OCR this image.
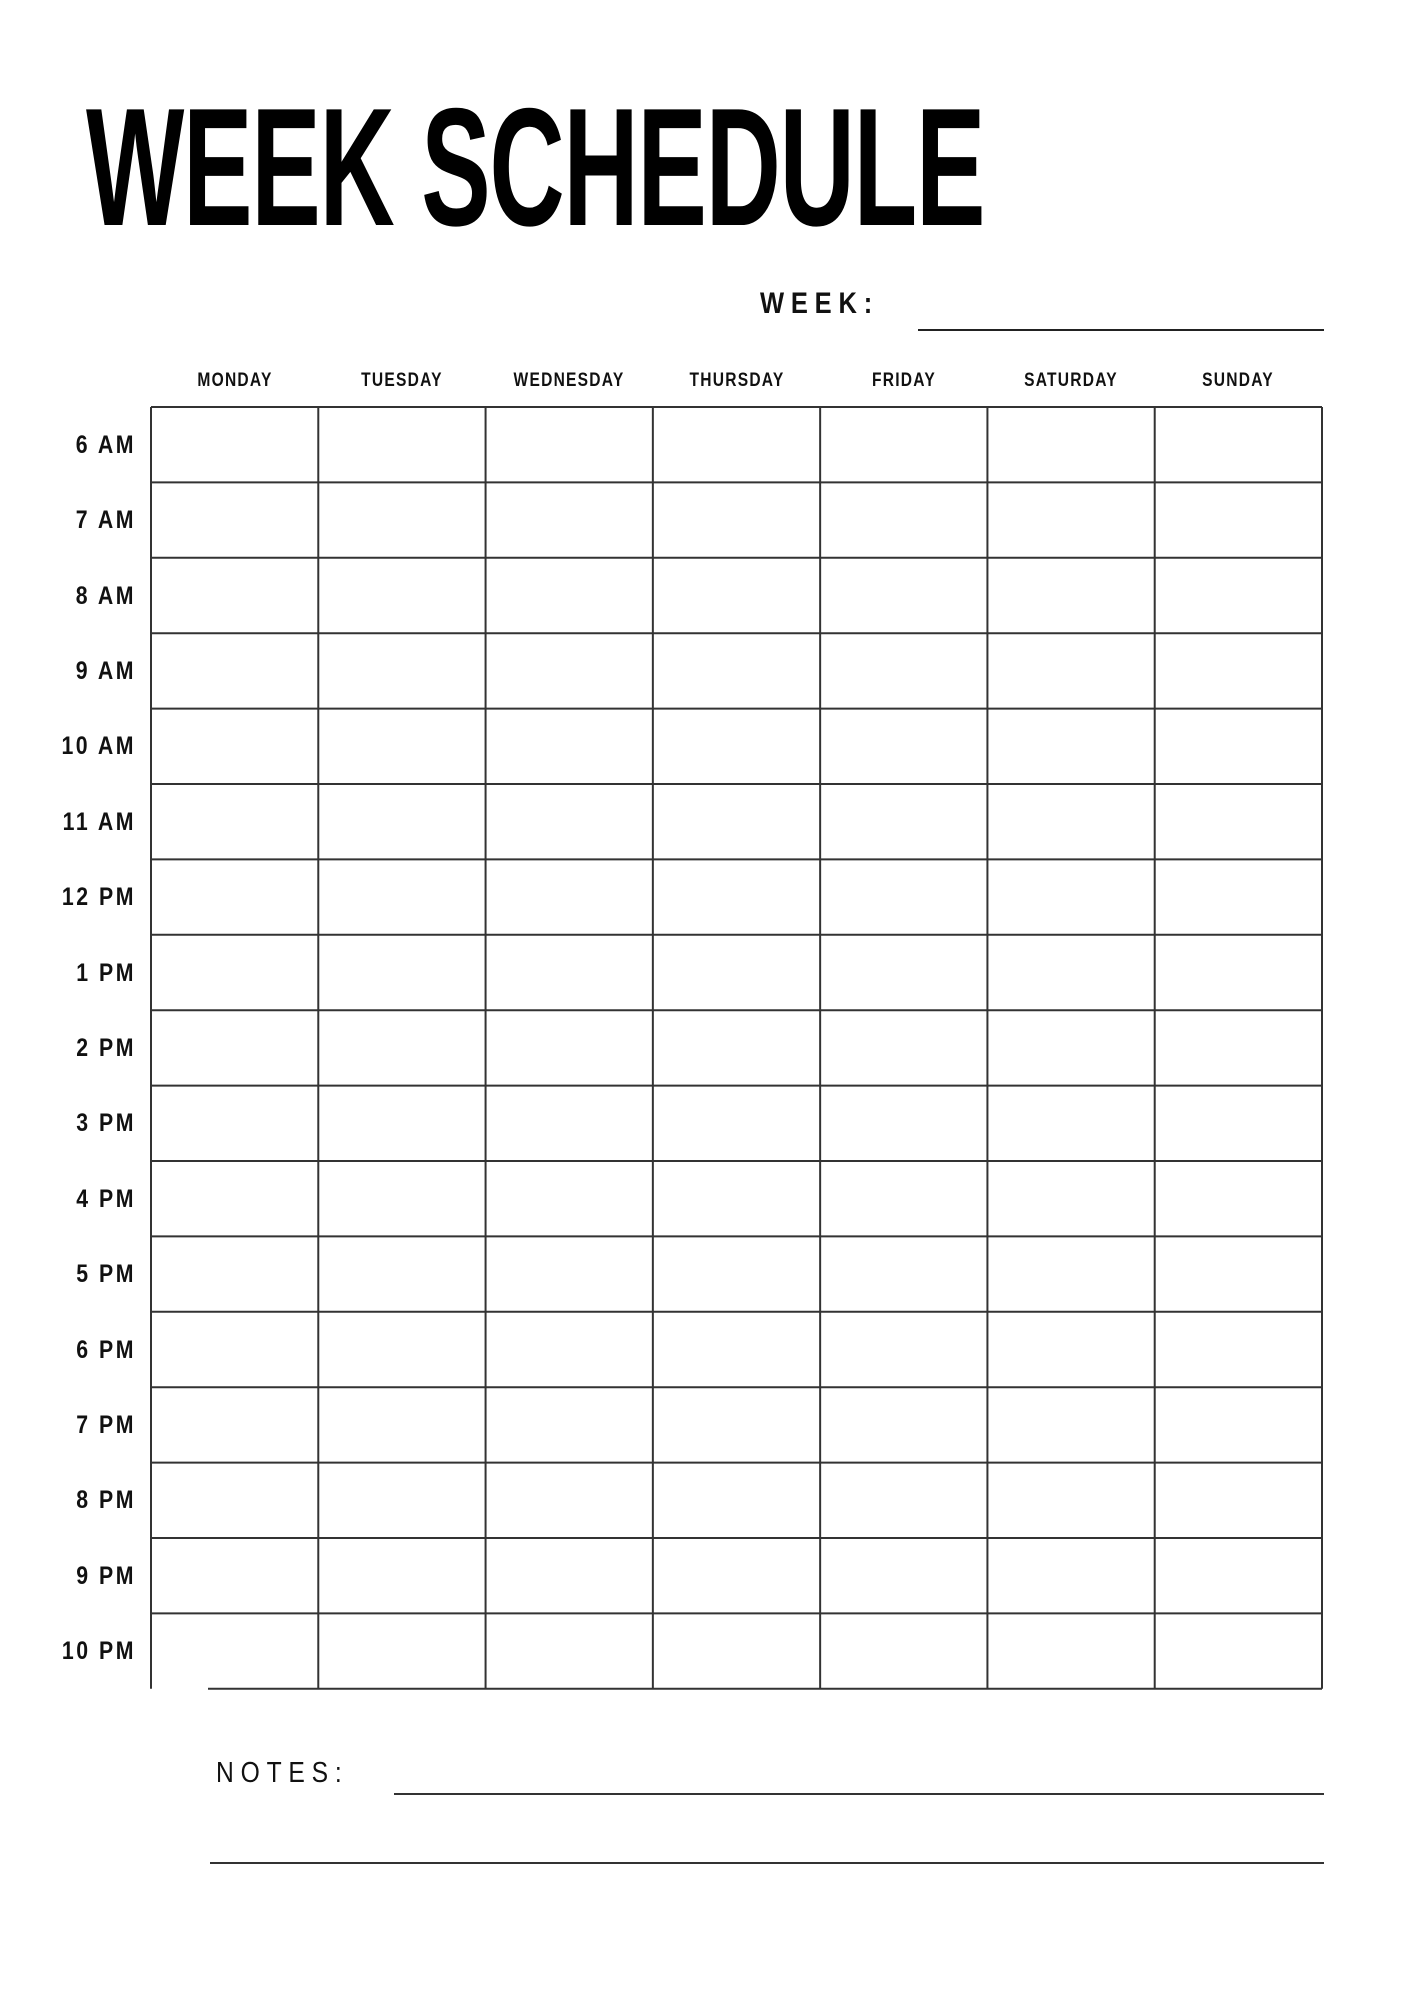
WEEK SCHEDULE
WEEK:
MONDAY	TUESDAY	WEDNESDAY	THURSDAY	FRIDAY	SATURDAY	SUNDAY
6 AM
7 AM
8 AM
9 AM
10 AM
11 AM
12 PM
1 PM
2 PM
3 PM
4 PM
5 PM
6 PM
7 PM
8 PM
9 PM
10 PM
NOTES:
